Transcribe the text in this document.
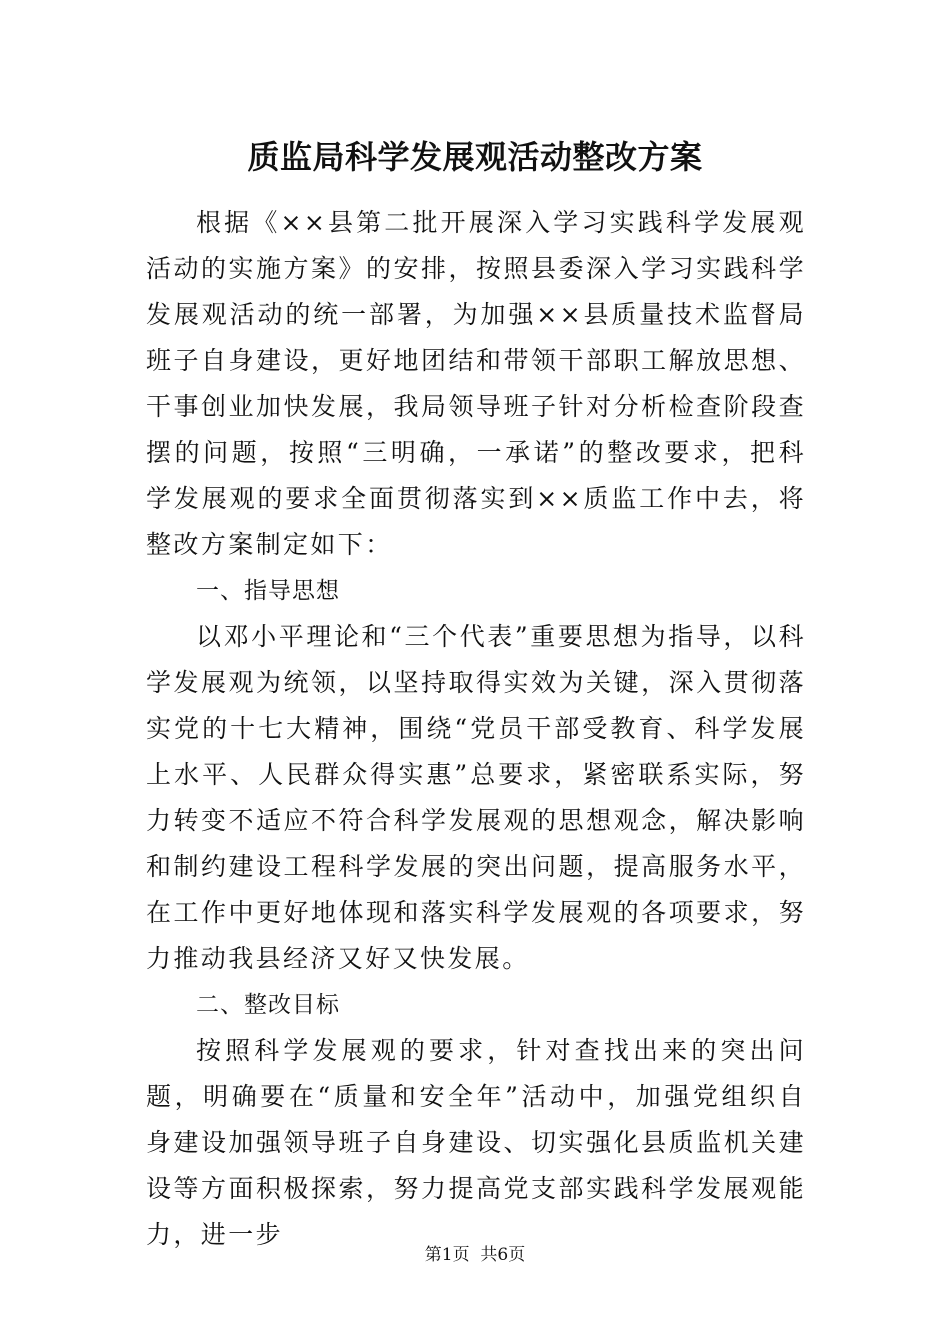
质监局科学发展观活动整改方案

根据《××县第二批开展深入学习实践科学发展观活动的实施方案》的安排，按照县委深入学习实践科学发展观活动的统一部署，为加强××县质量技术监督局班子自身建设，更好地团结和带领干部职工解放思想、干事创业加快发展，我局领导班子针对分析检查阶段查摆的问题，按照“三明确，一承诺”的整改要求，把科学发展观的要求全面贯彻落实到××质监工作中去，将整改方案制定如下：

一、指导思想

以邓小平理论和“三个代表”重要思想为指导，以科学发展观为统领，以坚持取得实效为关键，深入贯彻落实党的十七大精神，围绕“党员干部受教育、科学发展上水平、人民群众得实惠”总要求，紧密联系实际，努力转变不适应不符合科学发展观的思想观念，解决影响和制约建设工程科学发展的突出问题，提高服务水平，在工作中更好地体现和落实科学发展观的各项要求，努力推动我县经济又好又快发展。

二、整改目标

按照科学发展观的要求，针对查找出来的突出问题，明确要在“质量和安全年”活动中，加强党组织自身建设加强领导班子自身建设、切实强化县质监机关建设等方面积极探索，努力提高党支部实践科学发展观能力，进一步

第1页  共6页
